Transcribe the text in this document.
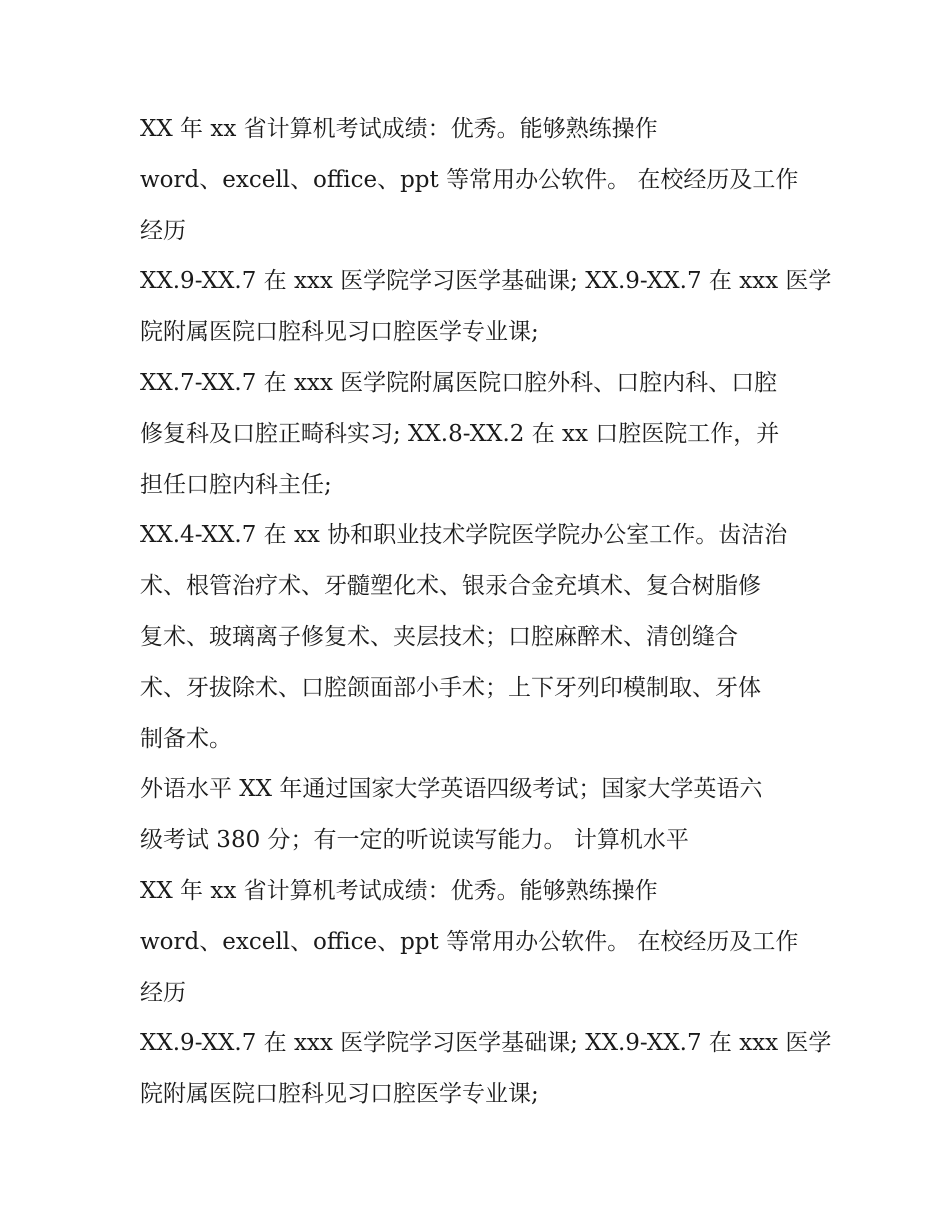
XX 年 xx 省计算机考试成绩：优秀。能够熟练操作
word、excell、office、ppt 等常用办公软件。 在校经历及工作
经历
XX.9-XX.7 在 xxx 医学院学习医学基础课; XX.9-XX.7 在 xxx 医学
院附属医院口腔科见习口腔医学专业课;
XX.7-XX.7 在 xxx 医学院附属医院口腔外科、口腔内科、口腔
修复科及口腔正畸科实习; XX.8-XX.2 在 xx 口腔医院工作，并
担任口腔内科主任;
XX.4-XX.7 在 xx 协和职业技术学院医学院办公室工作。齿洁治
术、根管治疗术、牙髓塑化术、银汞合金充填术、复合树脂修
复术、玻璃离子修复术、夹层技术；口腔麻醉术、清创缝合
术、牙拔除术、口腔颌面部小手术；上下牙列印模制取、牙体
制备术。
外语水平 XX 年通过国家大学英语四级考试；国家大学英语六
级考试 380 分；有一定的听说读写能力。 计算机水平
XX 年 xx 省计算机考试成绩：优秀。能够熟练操作
word、excell、office、ppt 等常用办公软件。 在校经历及工作
经历
XX.9-XX.7 在 xxx 医学院学习医学基础课; XX.9-XX.7 在 xxx 医学
院附属医院口腔科见习口腔医学专业课;
